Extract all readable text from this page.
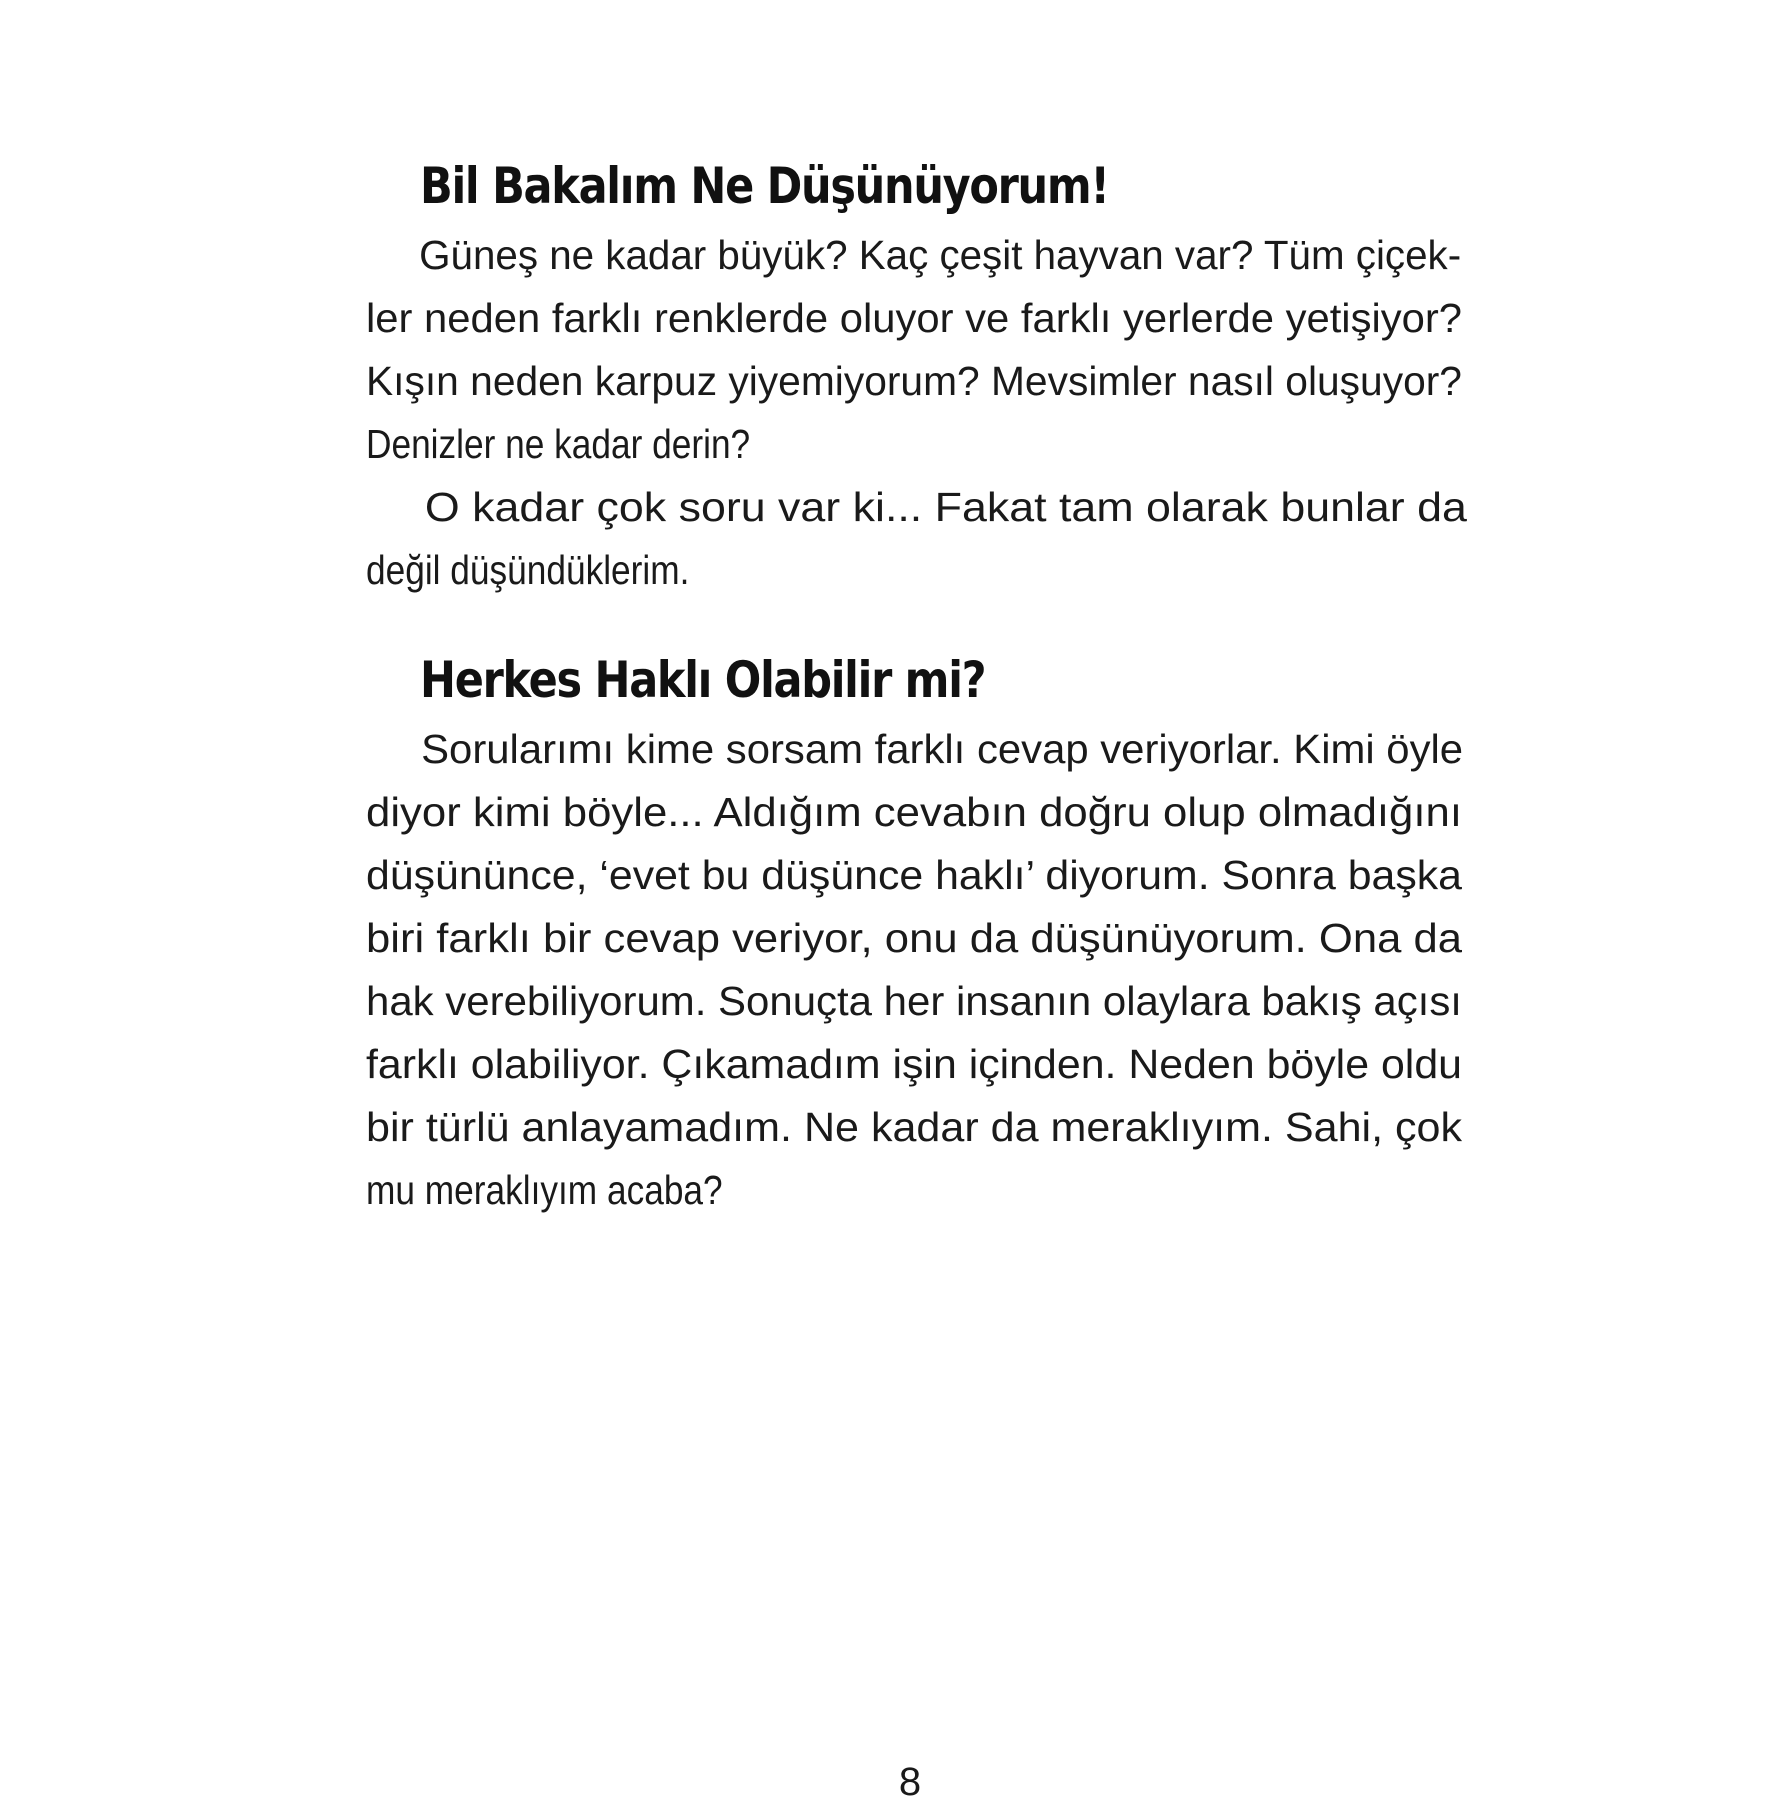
Bil Bakalım Ne Düşünüyorum!
Güneş ne kadar büyük? Kaç çeşit hayvan var? Tüm çiçek-
ler neden farklı renklerde oluyor ve farklı yerlerde yetişiyor?
Kışın neden karpuz yiyemiyorum? Mevsimler nasıl oluşuyor?
Denizler ne kadar derin?
O kadar çok soru var ki... Fakat tam olarak bunlar da
değil düşündüklerim.
Herkes Haklı Olabilir mi?
Sorularımı kime sorsam farklı cevap veriyorlar. Kimi öyle
diyor kimi böyle... Aldığım cevabın doğru olup olmadığını
düşününce, ‘evet bu düşünce haklı’ diyorum. Sonra başka
biri farklı bir cevap veriyor, onu da düşünüyorum. Ona da
hak verebiliyorum. Sonuçta her insanın olaylara bakış açısı
farklı olabiliyor. Çıkamadım işin içinden. Neden böyle oldu
bir türlü anlayamadım. Ne kadar da meraklıyım. Sahi, çok
mu meraklıyım acaba?
8
